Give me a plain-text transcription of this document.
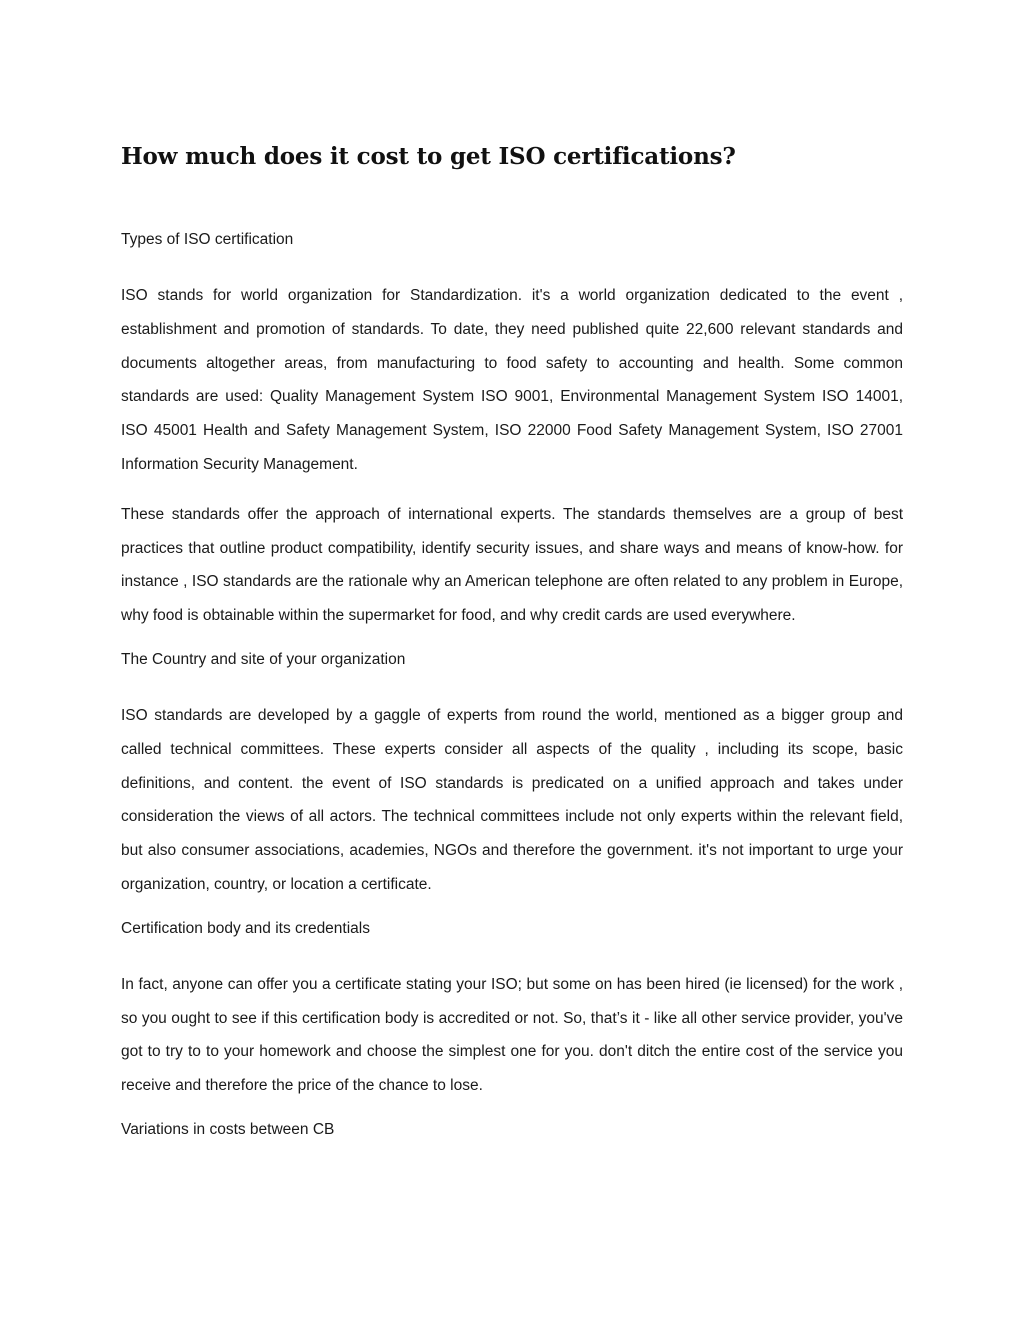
How much does it cost to get ISO certifications?

Types of ISO certification

ISO stands for world organization for Standardization. it's a world organization dedicated to the event , establishment and promotion of standards. To date, they need published quite 22,600 relevant standards and documents altogether areas, from manufacturing to food safety to accounting and health. Some common standards are used: Quality Management System ISO 9001, Environmental Management System ISO 14001, ISO 45001 Health and Safety Management System, ISO 22000 Food Safety Management System, ISO 27001 Information Security Management.

These standards offer the approach of international experts. The standards themselves are a group of best practices that outline product compatibility, identify security issues, and share ways and means of know-how. for instance , ISO standards are the rationale why an American telephone are often related to any problem in Europe, why food is obtainable within the supermarket for food, and why credit cards are used everywhere.

The Country and site of your organization

ISO standards are developed by a gaggle of experts from round the world, mentioned as a bigger group and called technical committees. These experts consider all aspects of the quality , including its scope, basic definitions, and content. the event of ISO standards is predicated on a unified approach and takes under consideration the views of all actors. The technical committees include not only experts within the relevant field, but also consumer associations, academies, NGOs and therefore the government. it's not important to urge your organization, country, or location a certificate.

Certification body and its credentials

In fact, anyone can offer you a certificate stating your ISO; but some on has been hired (ie licensed) for the work , so you ought to see if this certification body is accredited or not. So, that’s it - like all other service provider, you've got to try to to your homework and choose the simplest one for you. don't ditch the entire cost of the service you receive and therefore the price of the chance to lose.

Variations in costs between CB
